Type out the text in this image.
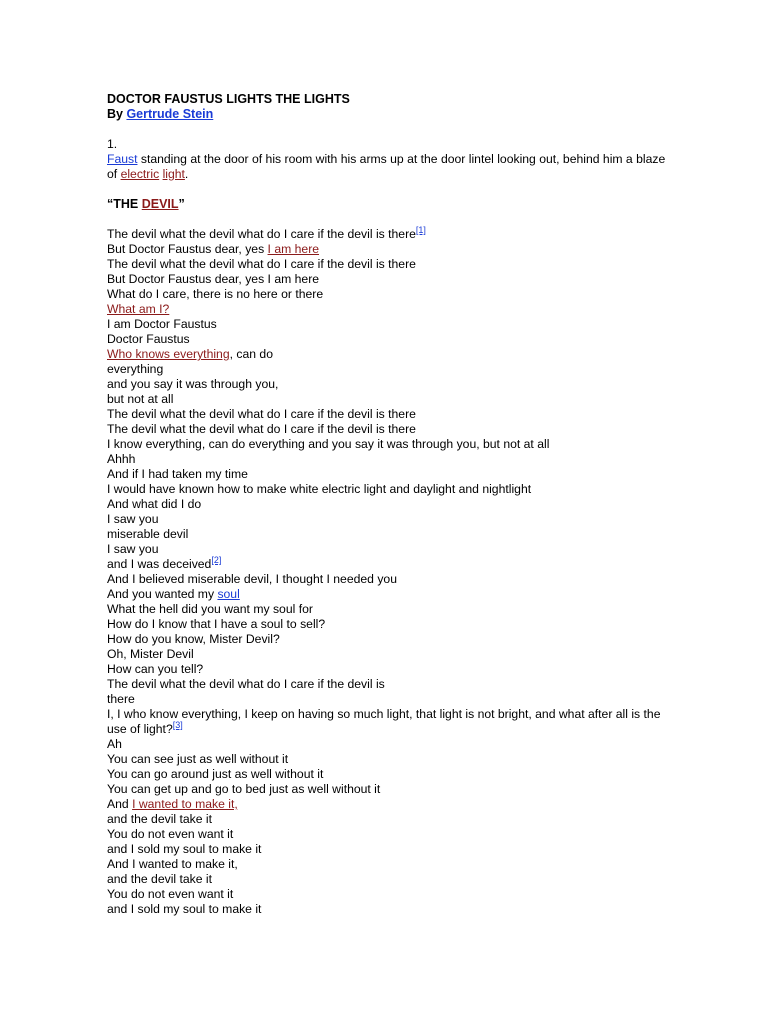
DOCTOR FAUSTUS LIGHTS THE LIGHTS
By Gertrude Stein
1.
Faust standing at the door of his room with his arms up at the door lintel looking out, behind him a blaze of electric light.
“THE DEVIL”
The devil what the devil what do I care if the devil is there[1]
But Doctor Faustus dear, yes I am here
The devil what the devil what do I care if the devil is there
But Doctor Faustus dear, yes I am here
What do I care, there is no here or there
What am I?
I am Doctor Faustus
Doctor Faustus
Who knows everything, can do
everything
and you say it was through you,
but not at all
The devil what the devil what do I care if the devil is there
The devil what the devil what do I care if the devil is there
I know everything, can do everything and you say it was through you, but not at all
Ahhh
And if I had taken my time
I would have known how to make white electric light and daylight and nightlight
And what did I do
I saw you
miserable devil
I saw you
and I was deceived[2]
And I believed miserable devil, I thought I needed you
And you wanted my soul
What the hell did you want my soul for
How do I know that I have a soul to sell?
How do you know, Mister Devil?
Oh, Mister Devil
How can you tell?
The devil what the devil what do I care if the devil is
there
I, I who know everything, I keep on having so much light, that light is not bright, and what after all is the use of light?[3]
Ah
You can see just as well without it
You can go around just as well without it
You can get up and go to bed just as well without it
And I wanted to make it,
and the devil take it
You do not even want it
and I sold my soul to make it
And I wanted to make it,
and the devil take it
You do not even want it
and I sold my soul to make it
